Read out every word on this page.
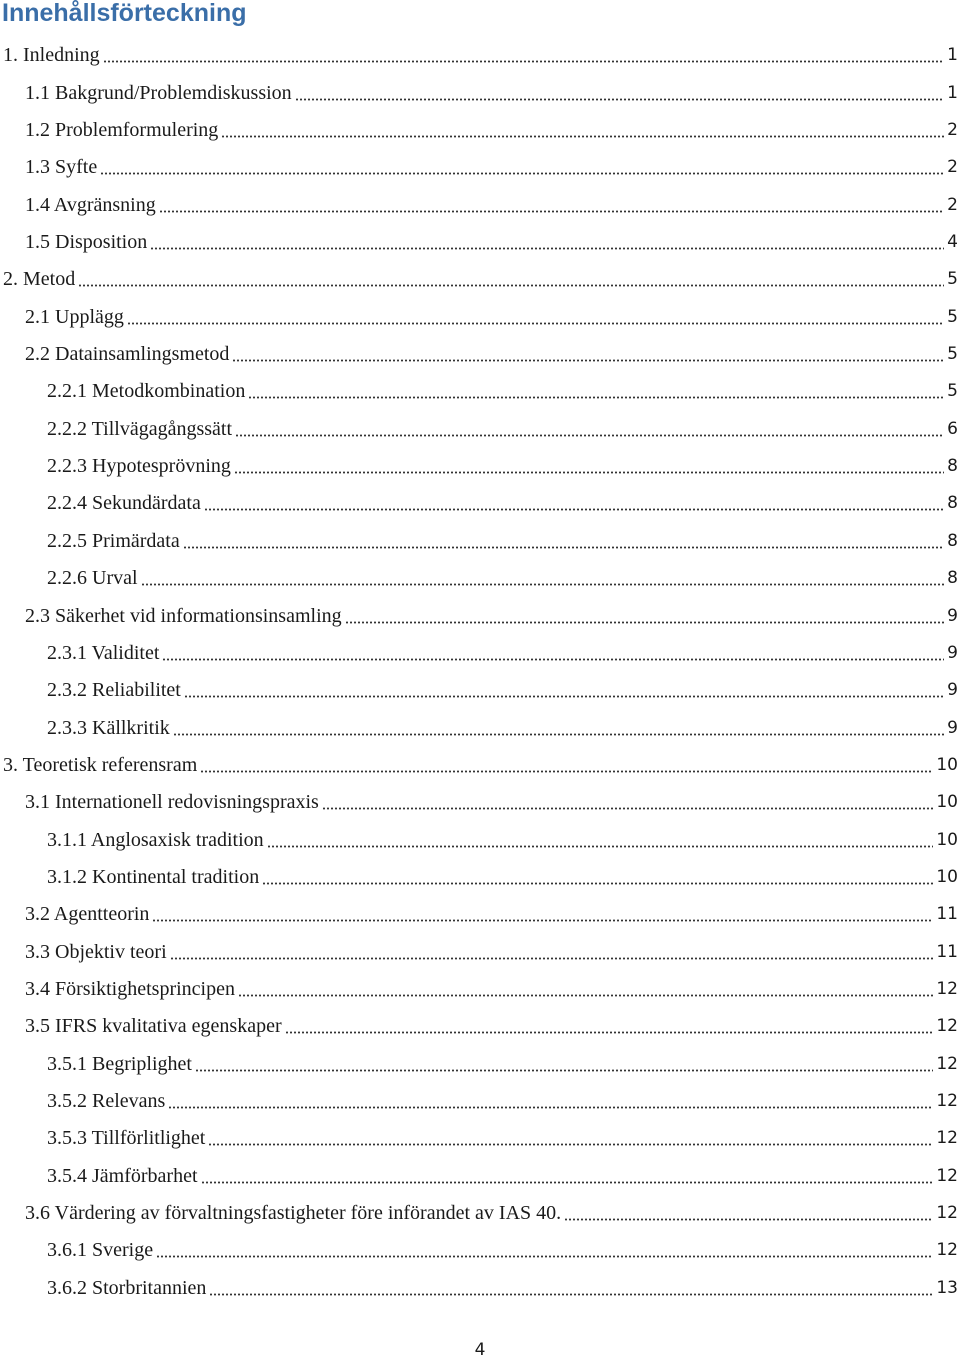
Innehållsförteckning
1. Inledning	1
1.1 Bakgrund/Problemdiskussion	1
1.2 Problemformulering	2
1.3 Syfte	2
1.4 Avgränsning	2
1.5 Disposition	4
2. Metod	5
2.1 Upplägg	5
2.2 Datainsamlingsmetod	5
2.2.1 Metodkombination	5
2.2.2 Tillvägagångssätt	6
2.2.3 Hypotesprövning	8
2.2.4 Sekundärdata	8
2.2.5 Primärdata	8
2.2.6 Urval	8
2.3 Säkerhet vid informationsinsamling	9
2.3.1 Validitet	9
2.3.2 Reliabilitet	9
2.3.3 Källkritik	9
3. Teoretisk referensram	10
3.1 Internationell redovisningspraxis	10
3.1.1 Anglosaxisk tradition	10
3.1.2 Kontinental tradition	10
3.2 Agentteorin	11
3.3 Objektiv teori	11
3.4 Försiktighetsprincipen	12
3.5 IFRS kvalitativa egenskaper	12
3.5.1 Begriplighet	12
3.5.2 Relevans	12
3.5.3 Tillförlitlighet	12
3.5.4 Jämförbarhet	12
3.6 Värdering av förvaltningsfastigheter före införandet av IAS 40.	12
3.6.1 Sverige	12
3.6.2 Storbritannien	13
4
